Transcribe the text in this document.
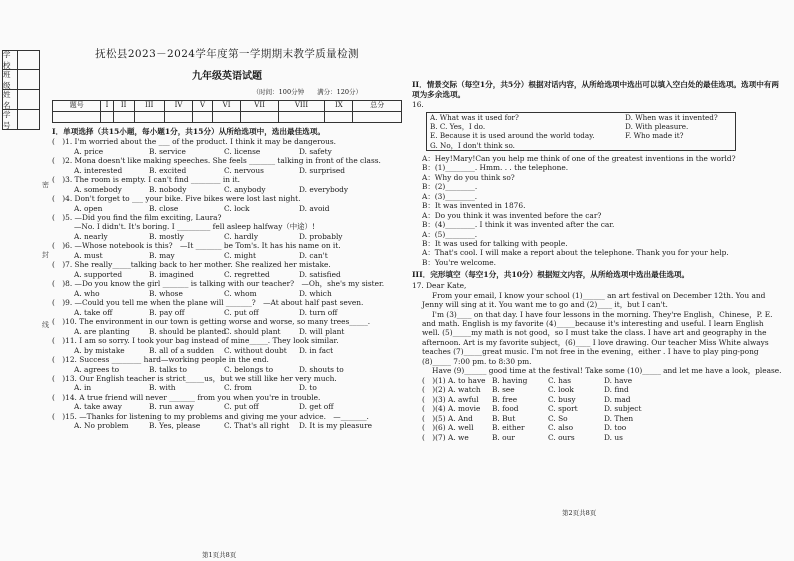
学 校
班 级
姓 名
学 号
密
封
线
抚松县2023－2024学年度第一学期期末教学质量检测
九年级英语试题
（时间：100分钟　　满分：120分）
题号	I	II	III	IV	V	VI	VII	VIII	IX	总分

I．单项选择（共15小题，每小题1分，共15分）从所给选项中，选出最佳选项。
(　)1. I'm worried about the ___ of the product. I think it may be dangerous.
A. price	B. service	C. license	D. safety
(　)2. Mona doesn't like making speeches. She feels _______ talking in front of the class.
A. interested	B. excited	C. nervous	D. surprised
(　)3. The room is empty. I can't find ________ in it.
A. somebody	B. nobody	C. anybody	D. everybody
(　)4. Don't forget to ___ your bike. Five bikes were lost last night.
A. open	B. close	C. lock	D. avoid
(　)5. —Did you find the film exciting, Laura?
—No. I didn't. It's boring. I _________ fell asleep halfway（中途）!
A. nearly	B. mostly	C. hardly	D. probably
(　)6. —Whose notebook is this?　—It _______ be Tom's. It has his name on it.
A. must	B. may	C. might	D. can't
(　)7. She really_____talking back to her mother. She realized her mistake.
A. supported	B. imagined	C. regretted	D. satisfied
(　)8. —Do you know the girl _______ is talking with our teacher?　—Oh，she's my sister.
A. who	B. whose	C. whom	D. which
(　)9. —Could you tell me when the plane will _______?　—At about half past seven.
A. take off	B. pay off	C. put off	D. turn off
(　)10. The environment in our town is getting worse and worse, so many trees_____.
A. are planting	B. should be planted
C. should plant	D. will plant
(　)11. I am so sorry. I took your bag instead of mine_____. They look similar.
A. by mistake	B. all of a sudden	C. without doubt	D. in fact
(　)12. Success ________ hard—working people in the end.
A. agrees to	B. talks to	C. belongs to	D. shouts to
(　)13. Our English teacher is strict_____us，but we still like her very much.
A. in	B. with	C. from	D. to
(　)14. A true friend will never _______ from you when you're in trouble.
A. take away	B. run away	C. put off	D. get off
(　)15. —Thanks for listening to my problems and giving me your advice.　—_______.
A. No problem	B. Yes, please	C. That's all right	D. It is my pleasure
第1页共8页
II．情景交际（每空1分，共5分）根据对话内容，从所给选项中选出可以填入空白处的最佳选项。选项中有两项为多余选项。
16.
A. What was it used for?	D. When was it invented?
B. C. Yes，I do.	D. With pleasure.
E. Because it is used around the world today.	F. Who made it?
G. No，I don't think so.	
A：Hey!Mary!Can you help me think of one of the greatest inventions in the world?
B：(1)________. Hmm. . . the telephone.
A：Why do you think so?
B：(2)________.
A：(3)________.
B：It was invented in 1876.
A：Do you think it was invented before the car?
B：(4)________. I think it was invented after the car.
A：(5)________.
B：It was used for talking with people.
A：That's cool. I will make a report about the telephone. Thank you for your help.
B：You're welcome.
III．完形填空（每空1分，共10分）根据短文内容，从所给选项中选出最佳选项。
17. Dear Kate,
From your email, I know your school (1)______ an art festival on December 12th. You and Jenny will sing at it. You want me to go and (2)____ it，but I can't.
I'm (3)____ on that day. I have four lessons in the morning. They're English，Chinese，P. E. and math. English is my favorite (4)_____because it's interesting and useful. I learn English well. (5)_____my math is not good，so I must take the class. I have art and geography in the afternoon. Art is my favorite subject，(6)____ I love drawing. Our teacher Miss White always teaches (7)_____great music. I'm not free in the evening，either . I have to play ping-pong (8)_____ 7:00 pm. to 8:30 pm.
Have (9)______ good time at the festival! Take some (10)_____ and let me have a look，please.
(　)(1) A. to have B. having	C. has	D. have
(　)(2) A. watch	B. see	C. look	D. find
(　)(3) A. awful	B. free	C. busy	D. mad
(　)(4) A. movie	B. food	C. sport	D. subject
(　)(5) A. And	B. But	C. So	D. Then
(　)(6) A. well	B. either	C. also	D. too
(　)(7) A. we	B. our	C. ours	D. us
第2页共8页
